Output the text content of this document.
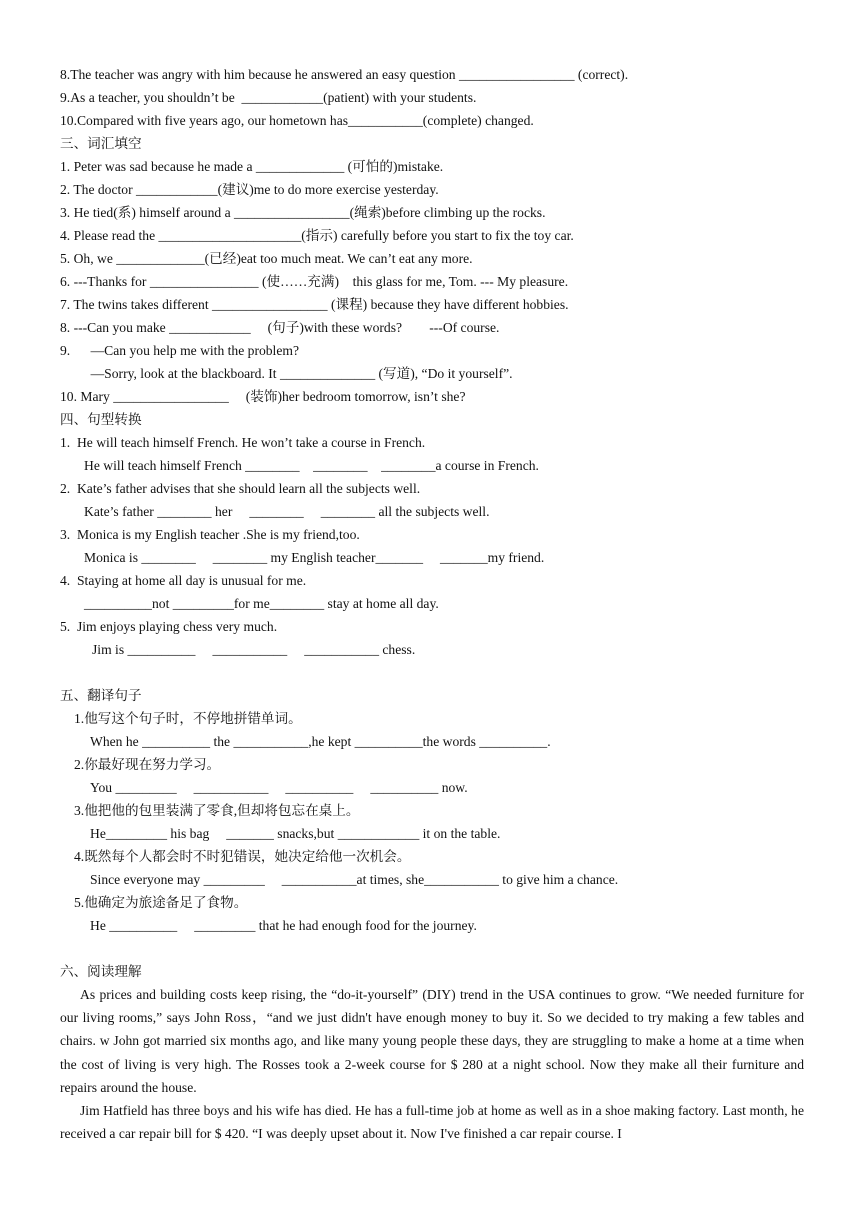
8.The teacher was angry with him because he answered an easy question _________________ (correct).
9.As a teacher, you shouldn’t be  ____________(patient) with your students.
10.Compared with five years ago, our hometown has___________(complete) changed.
三、词汇填空
1. Peter was sad because he made a _____________ (可怕的)mistake.
2. The doctor ____________(建议)me to do more exercise yesterday.
3. He tied(系) himself around a _________________(绳索)before climbing up the rocks.
4. Please read the _____________________(指示) carefully before you start to fix the toy car.
5. Oh, we _____________(已经)eat too much meat. We can’t eat any more.
6. ---Thanks for ________________ (使……充满)    this glass for me, Tom. --- My pleasure.
7. The twins takes different _________________ (课程) because they have different hobbies.
8. ---Can you make ____________     (句子)with these words?        ---Of course.
9.      —Can you help me with the problem?
—Sorry, look at the blackboard. It ______________ (写道), “Do it yourself”.
10. Mary _________________     (装饰)her bedroom tomorrow, isn’t she?
四、句型转换
1.  He will teach himself French. He won’t take a course in French.
He will teach himself French ________    ________    ________a course in French.
2.  Kate’s father advises that she should learn all the subjects well.
Kate’s father ________ her     ________     ________ all the subjects well.
3.  Monica is my English teacher .She is my friend,too.
Monica is ________     ________ my English teacher_______     _______my friend.
4.  Staying at home all day is unusual for me.
__________not _________for me________ stay at home all day.
5.  Jim enjoys playing chess very much.
Jim is __________     ___________     ___________ chess.
五、翻译句子
1.他写这个句子时，不停地拼错单词。
When he __________ the ___________,he kept __________the words __________.
2.你最好现在努力学习。
You _________     ___________     __________     __________ now.
3.他把他的包里装满了零食,但却将包忘在桌上。
He_________ his bag     _______ snacks,but ____________ it on the table.
4.既然每个人都会时不时犯错误，她决定给他一次机会。
Since everyone may _________     ___________at times, she___________ to give him a chance.
5.他确定为旅途备足了食物。
He __________     _________ that he had enough food for the journey.
六、阅读理解

As prices and building costs keep rising, the “do-it-yourself” (DIY) trend in the USA continues to grow. “We needed furniture for our living rooms,” says John Ross，“and we just didn't have enough money to buy it. So we decided to try making a few tables and chairs. w John got married six months ago, and like many young people these days, they are struggling to make a home at a time when the cost of living is very high. The Rosses took a 2-week course for $ 280 at a night school. Now they make all their furniture and repairs around the house.

Jim Hatfield has three boys and his wife has died. He has a full-time job at home as well as in a shoe making factory. Last month, he received a car repair bill for $ 420. “I was deeply upset about it. Now I've finished a car repair course. I
